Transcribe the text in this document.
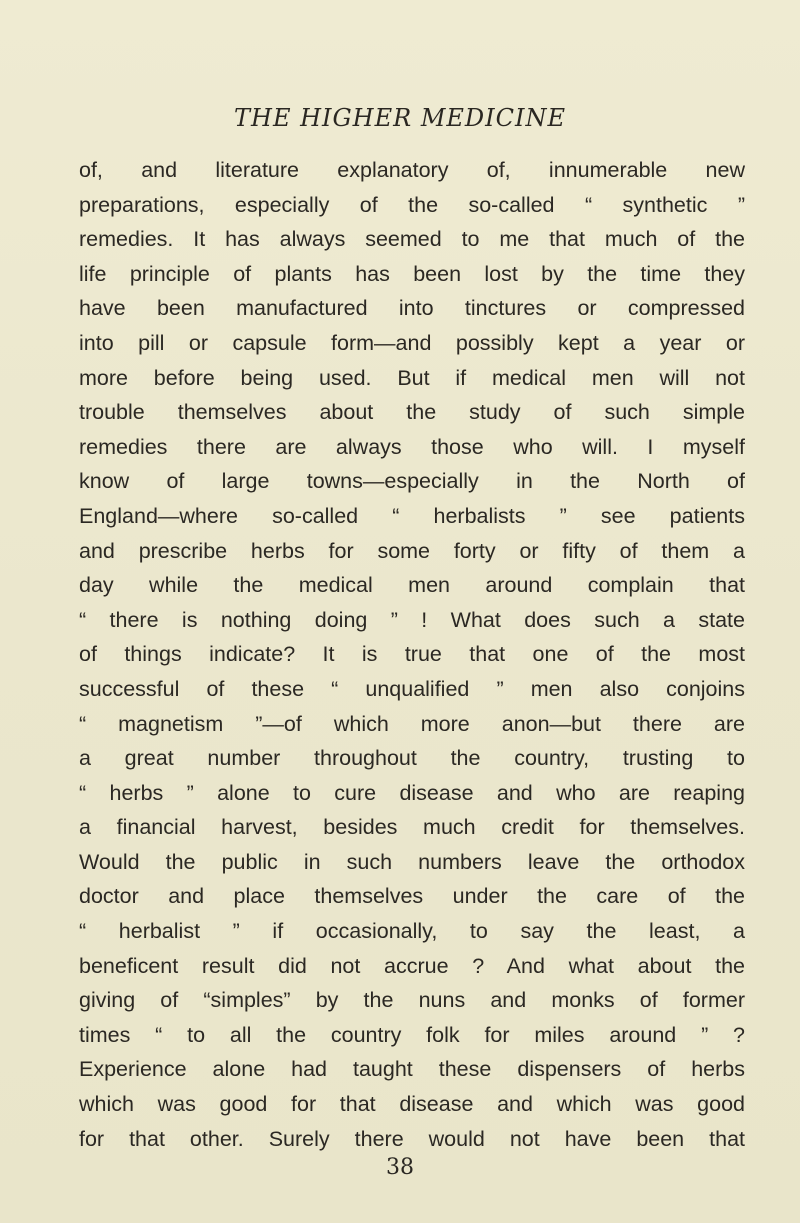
THE HIGHER MEDICINE
of, and literature explanatory of, innumerable new
preparations, especially of the so-called “ synthetic ”
remedies. It has always seemed to me that much of the
life principle of plants has been lost by the time they
have been manufactured into tinctures or compressed
into pill or capsule form—and possibly kept a year or
more before being used. But if medical men will not
trouble themselves about the study of such simple
remedies there are always those who will. I myself
know of large towns—especially in the North of
England—where so-called “ herbalists ” see patients
and prescribe herbs for some forty or fifty of them a
day while the medical men around complain that
“ there is nothing doing ” ! What does such a state
of things indicate? It is true that one of the most
successful of these “ unqualified ” men also conjoins
“ magnetism ”—of which more anon—but there are
a great number throughout the country, trusting to
“ herbs ” alone to cure disease and who are reaping
a financial harvest, besides much credit for themselves.
Would the public in such numbers leave the orthodox
doctor and place themselves under the care of the
“ herbalist ” if occasionally, to say the least, a
beneficent result did not accrue ? And what about the
giving of “simples” by the nuns and monks of former
times “ to all the country folk for miles around ” ?
Experience alone had taught these dispensers of herbs
which was good for that disease and which was good
for that other. Surely there would not have been that
38
